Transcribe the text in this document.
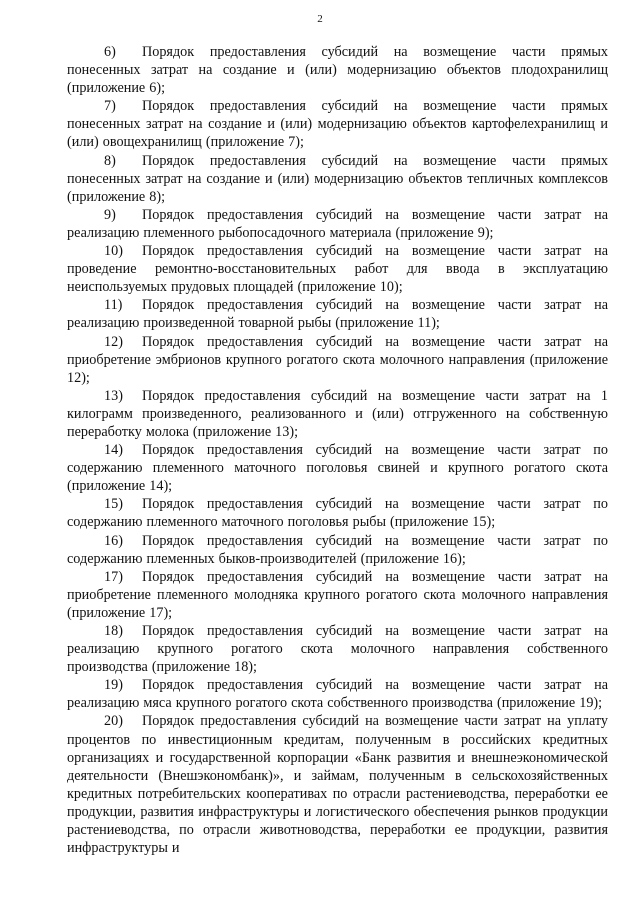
2

6) Порядок предоставления субсидий на возмещение части прямых понесенных затрат на создание и (или) модернизацию объектов плодохранилищ (приложение 6);

7) Порядок предоставления субсидий на возмещение части прямых понесенных затрат на создание и (или) модернизацию объектов картофелехранилищ и (или) овощехранилищ (приложение 7);

8) Порядок предоставления субсидий на возмещение части прямых понесенных затрат на создание и (или) модернизацию объектов тепличных комплексов (приложение 8);

9) Порядок предоставления субсидий на возмещение части затрат на реализацию племенного рыбопосадочного материала (приложение 9);

10) Порядок предоставления субсидий на возмещение части затрат на проведение ремонтно-восстановительных работ для ввода в эксплуатацию неиспользуемых прудовых площадей (приложение 10);

11) Порядок предоставления субсидий на возмещение части затрат на реализацию произведенной товарной рыбы (приложение 11);

12) Порядок предоставления субсидий на возмещение части затрат на приобретение эмбрионов крупного рогатого скота молочного направления (приложение 12);

13) Порядок предоставления субсидий на возмещение части затрат на 1 килограмм произведенного, реализованного и (или) отгруженного на собственную переработку молока (приложение 13);

14) Порядок предоставления субсидий на возмещение части затрат по содержанию племенного маточного поголовья свиней и крупного рогатого скота (приложение 14);

15) Порядок предоставления субсидий на возмещение части затрат по содержанию племенного маточного поголовья рыбы (приложение 15);

16) Порядок предоставления субсидий на возмещение части затрат по содержанию племенных быков-производителей (приложение 16);

17) Порядок предоставления субсидий на возмещение части затрат на приобретение племенного молодняка крупного рогатого скота молочного направления (приложение 17);

18) Порядок предоставления субсидий на возмещение части затрат на реализацию крупного рогатого скота молочного направления собственного производства (приложение 18);

19) Порядок предоставления субсидий на возмещение части затрат на реализацию мяса крупного рогатого скота собственного производства (приложение 19);

20) Порядок предоставления субсидий на возмещение части затрат на уплату процентов по инвестиционным кредитам, полученным в российских кредитных организациях и государственной корпорации «Банк развития и внешнеэкономической деятельности (Внешэкономбанк)», и займам, полученным в сельскохозяйственных кредитных потребительских кооперативах по отрасли растениеводства, переработки ее продукции, развития инфраструктуры и логистического обеспечения рынков продукции растениеводства, по отрасли животноводства, переработки ее продукции, развития инфраструктуры и
